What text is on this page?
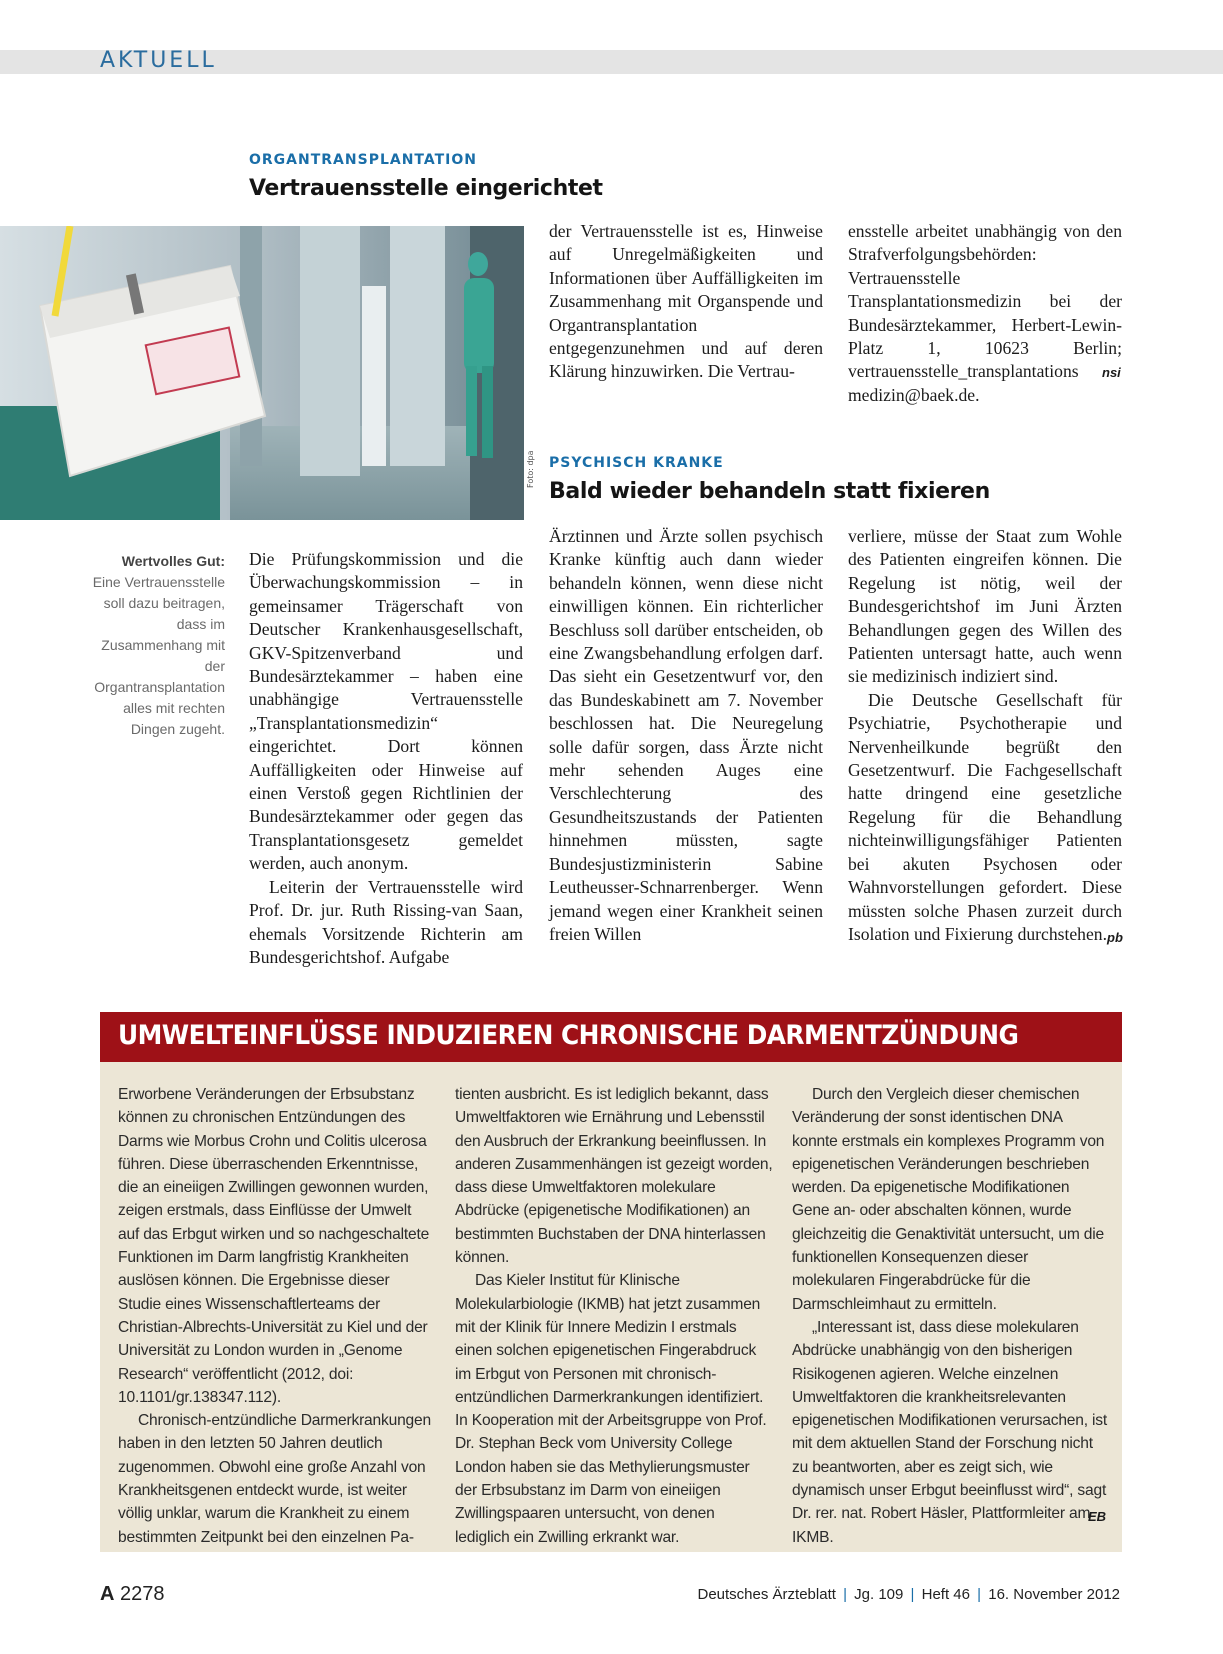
AKTUELL
ORGANTRANSPLANTATION
Vertrauensstelle eingerichtet
Foto: dpa
Wertvolles Gut:
Eine Vertrauensstelle soll dazu beitragen, dass im Zusammenhang mit der Organtransplantation alles mit rechten Dingen zugeht.

Die Prüfungskommission und die Überwachungskommission – in gemeinsamer Trägerschaft von Deutscher Krankenhausgesellschaft, GKV-Spitzenverband und Bundesärztekammer – haben eine unabhängige Vertrauensstelle „Transplantationsmedizin“ eingerichtet. Dort können Auffälligkeiten oder Hinweise auf einen Verstoß gegen Richtlinien der Bundesärztekammer oder gegen das Transplantationsgesetz gemeldet werden, auch anonym.

Leiterin der Vertrauensstelle wird Prof. Dr. jur. Ruth Rissing-van Saan, ehemals Vorsitzende Richterin am Bundesgerichtshof. Aufgabe

der Vertrauensstelle ist es, Hinweise auf Unregelmäßigkeiten und Informationen über Auffälligkeiten im Zusammenhang mit Organspende und Organtransplantation entgegenzunehmen und auf deren Klärung hinzuwirken. Die Vertrau-

ensstelle arbeitet unabhängig von den Strafverfolgungsbehörden: Vertrauensstelle Transplantationsmedizin bei der Bundesärztekammer, Herbert-Lewin-Platz 1, 10623 Berlin; vertrauensstelle_transplantations medizin@baek.de.

nsi
PSYCHISCH KRANKE
Bald wieder behandeln statt fixieren

Ärztinnen und Ärzte sollen psychisch Kranke künftig auch dann wieder behandeln können, wenn diese nicht einwilligen können. Ein richterlicher Beschluss soll darüber entscheiden, ob eine Zwangsbehandlung erfolgen darf. Das sieht ein Gesetzentwurf vor, den das Bundeskabinett am 7. November beschlossen hat. Die Neuregelung solle dafür sorgen, dass Ärzte nicht mehr sehenden Auges eine Verschlechterung des Gesundheitszustands der Patienten hinnehmen müssten, sagte Bundesjustizministerin Sabine Leutheusser-Schnarrenberger. Wenn jemand wegen einer Krankheit seinen freien Willen

verliere, müsse der Staat zum Wohle des Patienten eingreifen können. Die Regelung ist nötig, weil der Bundesgerichtshof im Juni Ärzten Behandlungen gegen des Willen des Patienten untersagt hatte, auch wenn sie medizinisch indiziert sind.

Die Deutsche Gesellschaft für Psychiatrie, Psychotherapie und Nervenheilkunde begrüßt den Gesetzentwurf. Die Fachgesellschaft hatte dringend eine gesetzliche Regelung für die Behandlung nichteinwilligungsfähiger Patienten bei akuten Psychosen oder Wahnvorstellungen gefordert. Diese müssten solche Phasen zurzeit durch Isolation und Fixierung durchstehen. pb
UMWELTEINFLÜSSE INDUZIEREN CHRONISCHE DARMENTZÜNDUNG

Erworbene Veränderungen der Erbsubstanz können zu chronischen Entzündungen des Darms wie Morbus Crohn und Colitis ulcerosa führen. Diese überraschenden Erkenntnisse, die an eineiigen Zwillingen gewonnen wurden, zeigen erstmals, dass Einflüsse der Umwelt auf das Erbgut wirken und so nachgeschaltete Funktionen im Darm langfristig Krankheiten auslösen können. Die Ergebnisse dieser Studie eines Wissenschaftlerteams der Christian-Albrechts-Universität zu Kiel und der Universität zu London wurden in „Genome Research“ veröffentlicht (2012, doi: 10.1101/gr.138347.112).

Chronisch-entzündliche Darmerkrankungen haben in den letzten 50 Jahren deutlich zugenommen. Obwohl eine große Anzahl von Krankheitsgenen entdeckt wurde, ist weiter völlig unklar, warum die Krankheit zu einem bestimmten Zeitpunkt bei den einzelnen Pa-

tienten ausbricht. Es ist lediglich bekannt, dass Umweltfaktoren wie Ernährung und Lebensstil den Ausbruch der Erkrankung beeinflussen. In anderen Zusammenhängen ist gezeigt worden, dass diese Umweltfaktoren molekulare Abdrücke (epigenetische Modifikationen) an bestimmten Buchstaben der DNA hinterlassen können.

Das Kieler Institut für Klinische Molekularbiologie (IKMB) hat jetzt zusammen mit der Klinik für Innere Medizin I erstmals einen solchen epigenetischen Fingerabdruck im Erbgut von Personen mit chronisch-entzündlichen Darmerkrankungen identifiziert. In Kooperation mit der Arbeitsgruppe von Prof. Dr. Stephan Beck vom University College London haben sie das Methylierungsmuster der Erbsubstanz im Darm von eineiigen Zwillingspaaren untersucht, von denen lediglich ein Zwilling erkrankt war.

Durch den Vergleich dieser chemischen Veränderung der sonst identischen DNA konnte erstmals ein komplexes Programm von epigenetischen Veränderungen beschrieben werden. Da epigenetische Modifikationen Gene an- oder abschalten können, wurde gleichzeitig die Genaktivität untersucht, um die funktionellen Konsequenzen dieser molekularen Fingerabdrücke für die Darmschleimhaut zu ermitteln.

„Interessant ist, dass diese molekularen Abdrücke unabhängig von den bisherigen Risikogenen agieren. Welche einzelnen Umweltfaktoren die krankheitsrelevanten epigenetischen Modifikationen verursachen, ist mit dem aktuellen Stand der Forschung nicht zu beantworten, aber es zeigt sich, wie dynamisch unser Erbgut beeinflusst wird“, sagt Dr. rer. nat. Robert Häsler, Plattformleiter am IKMB.

EB
A 2278	Deutsches Ärzteblatt | Jg. 109 | Heft 46 | 16. November 2012
